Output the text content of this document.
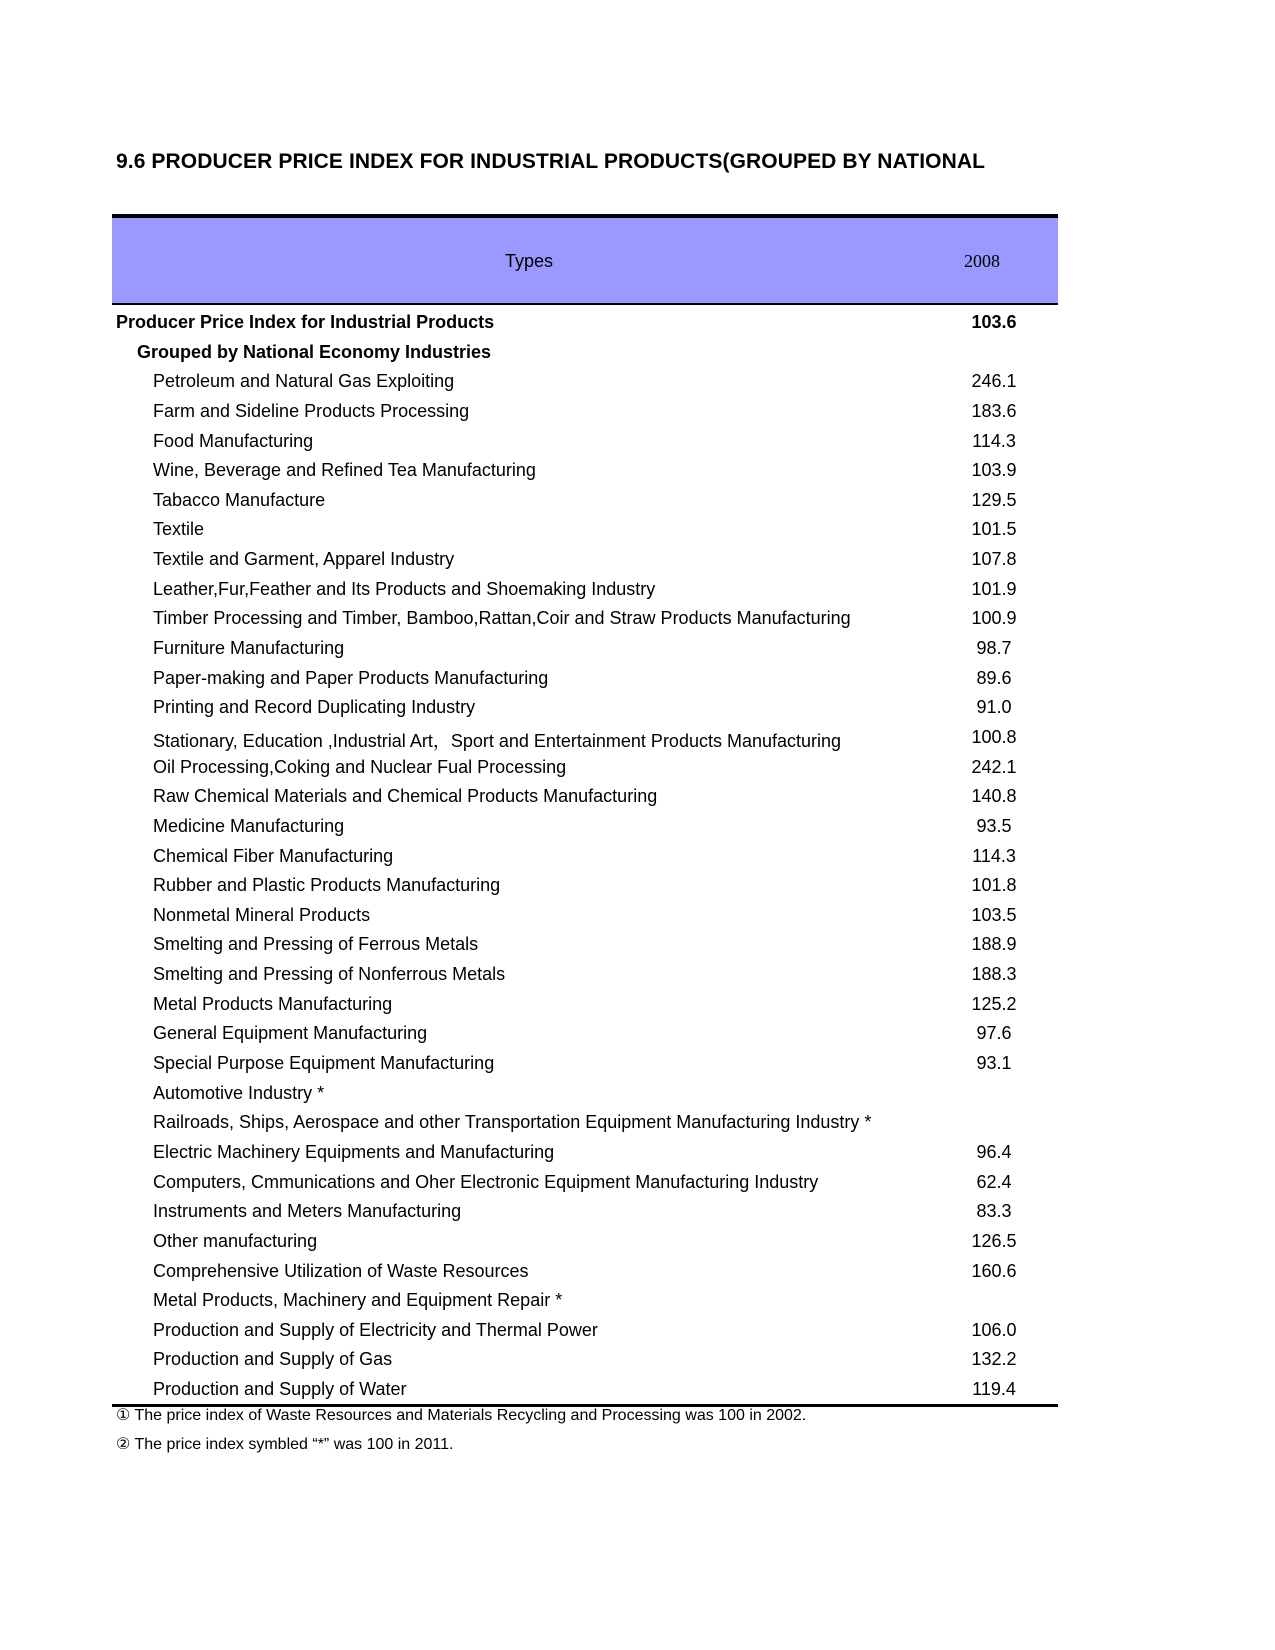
9.6 PRODUCER PRICE INDEX FOR INDUSTRIAL PRODUCTS(GROUPED BY NATIONAL
Types	2008
Producer Price Index for Industrial Products	103.6
Grouped by National Economy Industries
Petroleum and Natural Gas Exploiting	246.1
Farm and Sideline Products Processing	183.6
Food Manufacturing	114.3
Wine, Beverage and Refined Tea Manufacturing	103.9
Tabacco Manufacture	129.5
Textile	101.5
Textile and Garment, Apparel Industry	107.8
Leather,Fur,Feather and Its Products and Shoemaking Industry	101.9
Timber Processing and Timber, Bamboo,Rattan,Coir and Straw Products Manufacturing	100.9
Furniture Manufacturing	98.7
Paper-making and Paper Products Manufacturing	89.6
Printing and Record Duplicating Industry	91.0
Stationary, Education ,Industrial Art，Sport and Entertainment Products Manufacturing	100.8
Oil Processing,Coking and Nuclear Fual Processing	242.1
Raw Chemical Materials and Chemical Products Manufacturing	140.8
Medicine Manufacturing	93.5
Chemical Fiber Manufacturing	114.3
Rubber and Plastic Products Manufacturing	101.8
Nonmetal Mineral Products	103.5
Smelting and Pressing of Ferrous Metals	188.9
Smelting and Pressing of Nonferrous Metals	188.3
Metal Products Manufacturing	125.2
General Equipment Manufacturing	97.6
Special Purpose Equipment Manufacturing	93.1
Automotive Industry *
Railroads, Ships, Aerospace and other Transportation Equipment Manufacturing Industry *
Electric Machinery Equipments and Manufacturing	96.4
Computers, Cmmunications and Oher Electronic Equipment Manufacturing Industry	62.4
Instruments and Meters Manufacturing	83.3
Other manufacturing	126.5
Comprehensive Utilization of Waste Resources	160.6
Metal Products, Machinery and Equipment Repair *
Production and Supply of Electricity and Thermal Power	106.0
Production and Supply of Gas	132.2
Production and Supply of Water	119.4
① The price index of Waste Resources and Materials Recycling and Processing was 100 in 2002.
② The price index symbled “*” was 100 in 2011.
